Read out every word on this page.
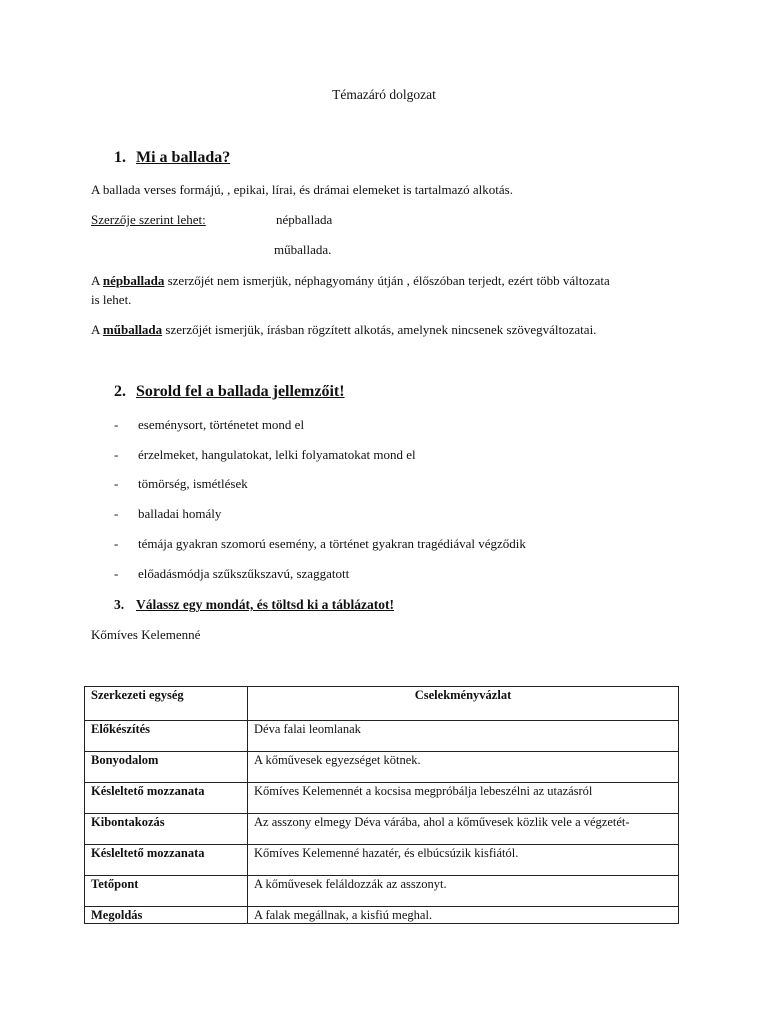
Témazáró dolgozat
1. Mi a ballada?
A ballada verses formájú, , epikai, lírai, és drámai elemeket is tartalmazó alkotás.
Szerzője szerint lehet:	népballada
műballada.
A népballada szerzőjét nem ismerjük, néphagyomány útján , élőszóban terjedt, ezért több változata
is lehet.
A műballada szerzőjét ismerjük, írásban rögzített alkotás, amelynek nincsenek szövegváltozatai.
2. Sorold fel a ballada jellemzőit!
- eseménysort, történetet mond el
- érzelmeket, hangulatokat, lelki folyamatokat mond el
- tömörség, ismétlések
- balladai homály
- témája gyakran szomorú esemény, a történet gyakran tragédiával végződik
- előadásmódja szűkszűkszavú, szaggatott
3. Válassz egy mondát, és töltsd ki a táblázatot!
Kőmíves Kelemenné
Szerkezeti egység	Cselekményvázlat
Előkészítés	Déva falai leomlanak
Bonyodalom	A kőművesek egyezséget kötnek.
Késleltető mozzanata	Kőmíves Kelemennét a kocsisa megpróbálja lebeszélni az utazásról
Kibontakozás	Az asszony elmegy Déva várába, ahol a kőművesek közlik vele a végzetét-
Késleltető mozzanata	Kőmíves Kelemenné hazatér, és elbúcsúzik kisfiától.
Tetőpont	A kőművesek feláldozzák az asszonyt.
Megoldás	A falak megállnak, a kisfiú meghal.
